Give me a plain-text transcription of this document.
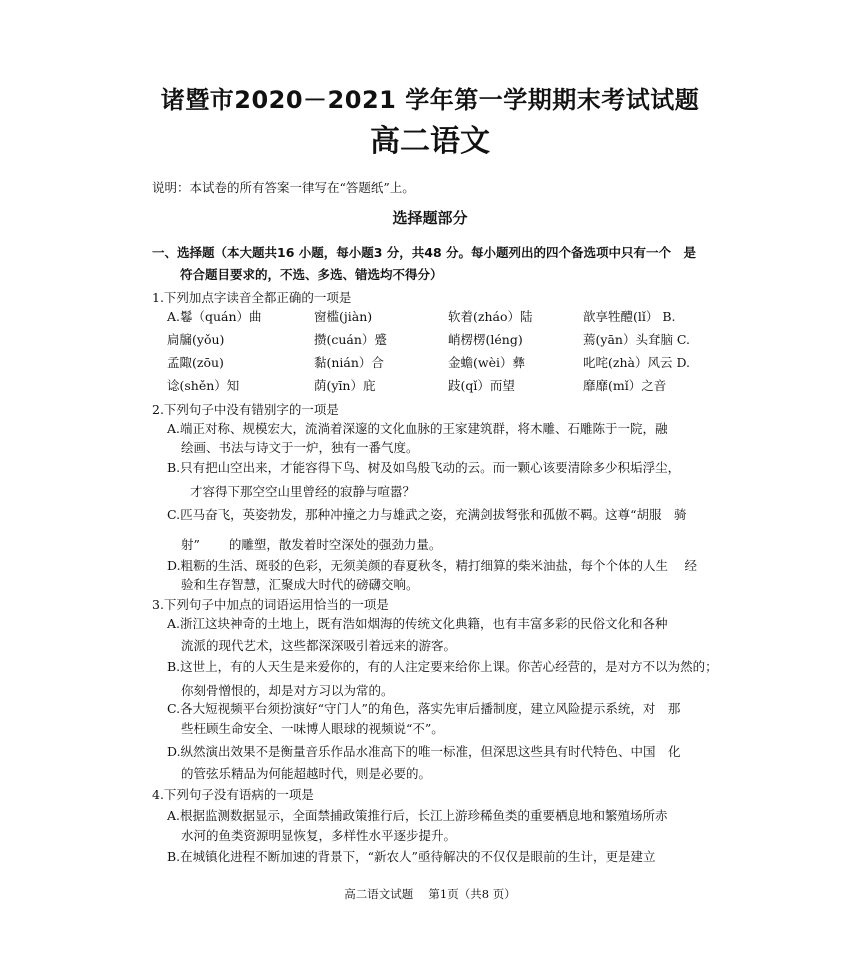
诸暨市2020－2021 学年第一学期期末考试试题
高二语文
说明：本试卷的所有答案一律写在“答题纸”上。
选择题部分
一、选择题（本大题共16 小题，每小题3 分，共48 分。每小题列出的四个备选项中只有一个　是
符合题目要求的，不选、多选、错选均不得分）
1.下列加点字读音全都正确的一项是
A.鬈（quán）曲	窗槛(jiàn)	软着(zháo）陆	歆享牲醴(lǐ） B.
扃牖(yǒu)	攒(cuán）蹙	峭楞楞(léng)	蔫(yān）头耷脑 C.
孟陬(zōu)	黏(nián）合	金蟾(wèi）彝	叱咤(zhà）风云 D.
谂(shěn）知	荫(yīn）庇	跂(qǐ）而望	靡靡(mǐ）之音
2.下列句子中没有错别字的一项是
A.端正对称、规模宏大，流淌着深邃的文化血脉的王家建筑群，将木雕、石雕陈于一院，融
绘画、书法与诗文于一炉，独有一番气度。
B.只有把山空出来，才能容得下鸟、树及如鸟般飞动的云。而一颗心该要清除多少积垢浮尘，
才容得下那空空山里曾经的寂静与喧嚣？
C.匹马奋飞，英姿勃发，那种冲撞之力与雄武之姿，充满剑拔弩张和孤傲不羁。这尊“胡服　骑
射”　　 的雕塑，散发着时空深处的强劲力量。
D.粗粝的生活、斑驳的色彩，无须美颜的春夏秋冬，精打细算的柴米油盐，每个个体的人生　 经
验和生存智慧，汇聚成大时代的磅礴交响。
3.下列句子中加点的词语运用恰当的一项是
A.浙江这块神奇的土地上，既有浩如烟海的传统文化典籍，也有丰富多彩的民俗文化和各种
流派的现代艺术，这些都深深吸引着远来的游客。
B.这世上，有的人天生是来爱你的，有的人注定要来给你上课。你苦心经营的，是对方不以为然的；
你刻骨憎恨的，却是对方习以为常的。
C.各大短视频平台须扮演好“守门人”的角色，落实先审后播制度，建立风险提示系统，对　那
些枉顾生命安全、一味博人眼球的视频说“不”。
D.纵然演出效果不是衡量音乐作品水准高下的唯一标准，但深思这些具有时代特色、中国　化
的管弦乐精品为何能超越时代，则是必要的。
4.下列句子没有语病的一项是
A.根据监测数据显示，全面禁捕政策推行后，长江上游珍稀鱼类的重要栖息地和繁殖场所赤
水河的鱼类资源明显恢复，多样性水平逐步提升。
B.在城镇化进程不断加速的背景下，“新农人”亟待解决的不仅仅是眼前的生计，更是建立
高二语文试题　 第1页（共8 页）
